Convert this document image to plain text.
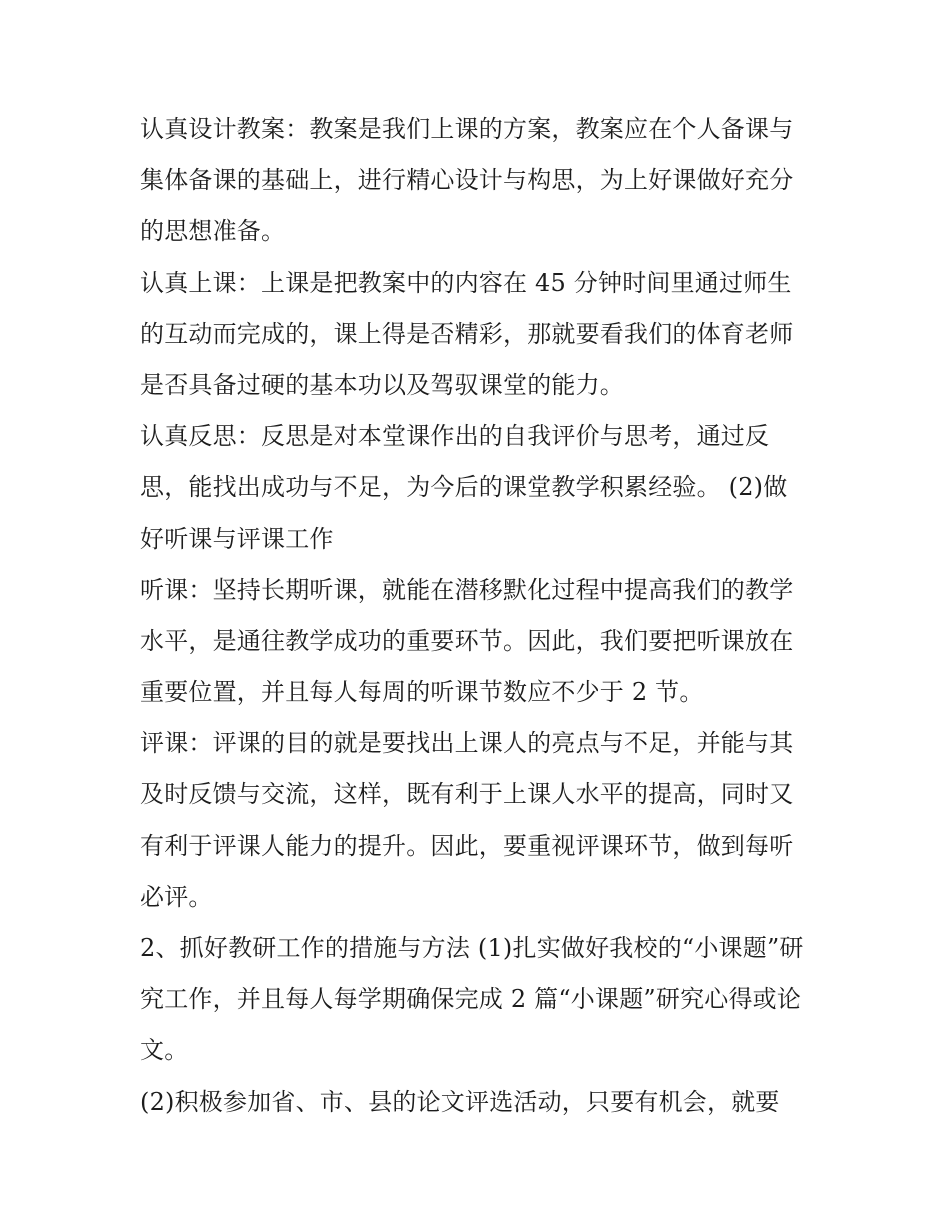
认真设计教案：教案是我们上课的方案，教案应在个人备课与
集体备课的基础上，进行精心设计与构思，为上好课做好充分
的思想准备。
认真上课：上课是把教案中的内容在 45 分钟时间里通过师生
的互动而完成的，课上得是否精彩，那就要看我们的体育老师
是否具备过硬的基本功以及驾驭课堂的能力。
认真反思：反思是对本堂课作出的自我评价与思考，通过反
思，能找出成功与不足，为今后的课堂教学积累经验。 (2)做
好听课与评课工作
听课：坚持长期听课，就能在潜移默化过程中提高我们的教学
水平，是通往教学成功的重要环节。因此，我们要把听课放在
重要位置，并且每人每周的听课节数应不少于 2 节。
评课：评课的目的就是要找出上课人的亮点与不足，并能与其
及时反馈与交流，这样，既有利于上课人水平的提高，同时又
有利于评课人能力的提升。因此，要重视评课环节，做到每听
必评。
2、抓好教研工作的措施与方法 (1)扎实做好我校的“小课题”研
究工作，并且每人每学期确保完成 2 篇“小课题”研究心得或论
文。
(2)积极参加省、市、县的论文评选活动，只要有机会，就要
